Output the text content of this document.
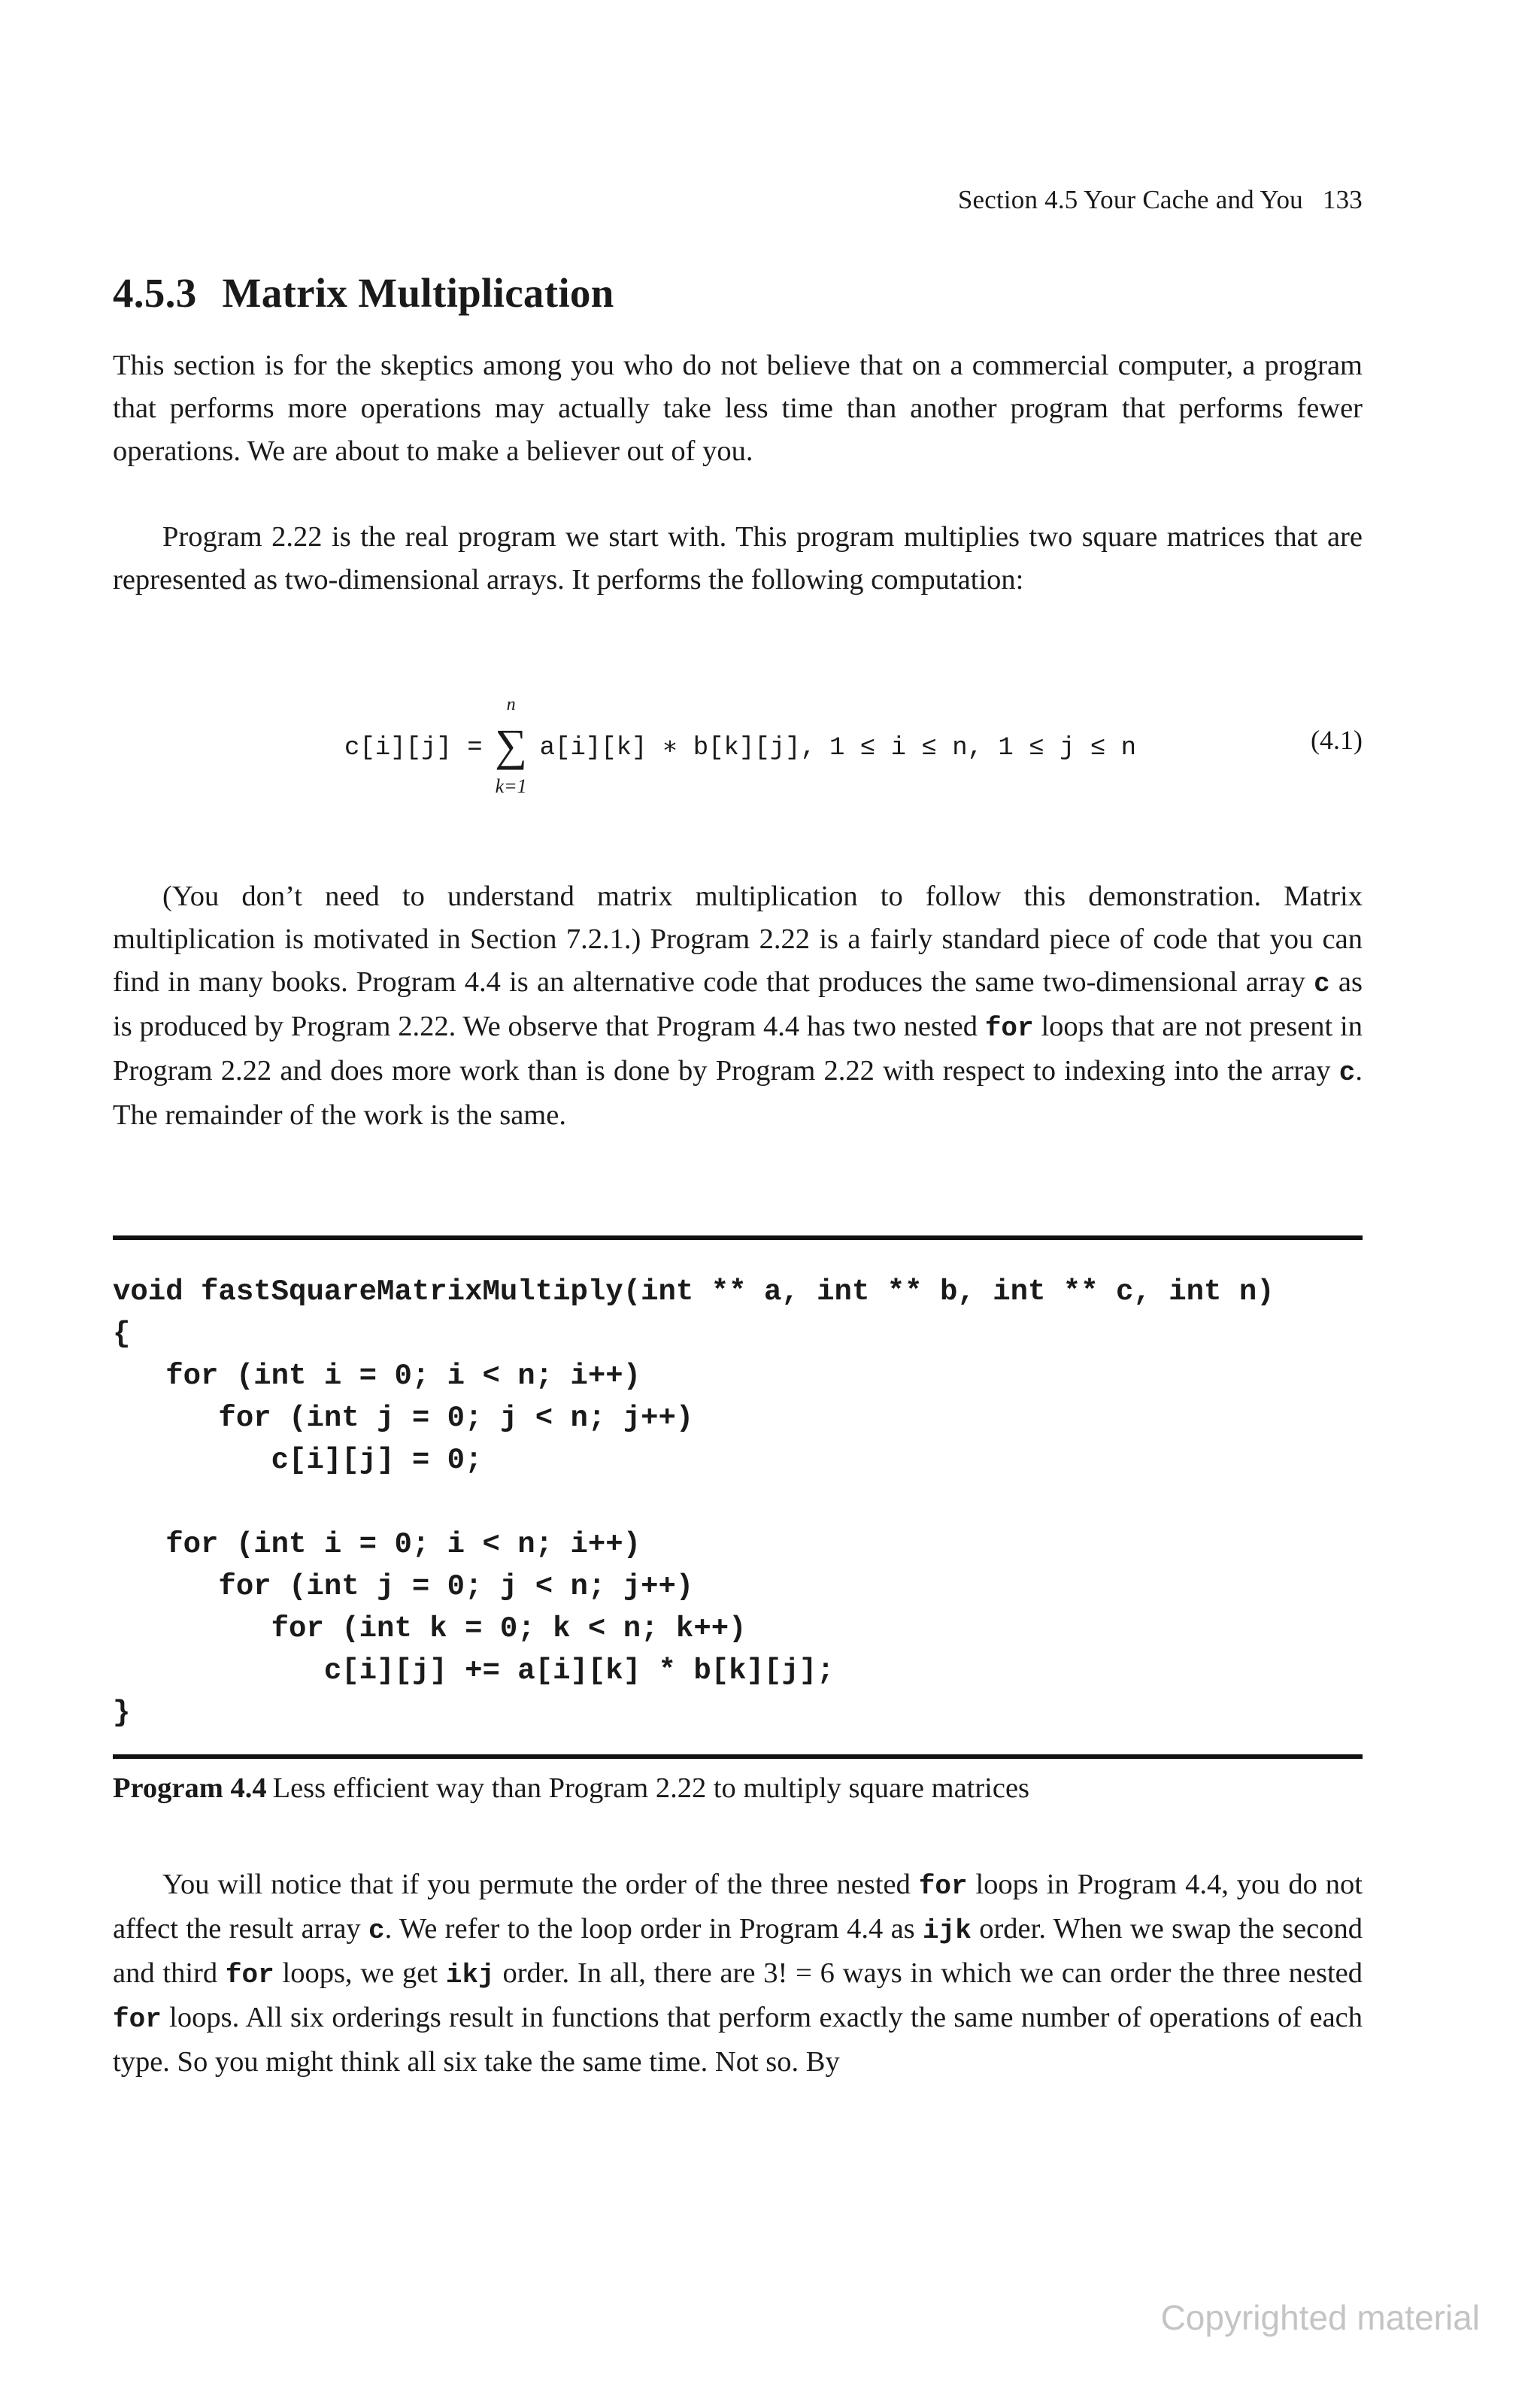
Section 4.5 Your Cache and You 133
4.5.3 Matrix Multiplication

This section is for the skeptics among you who do not believe that on a commercial computer, a program that performs more operations may actually take less time than another program that performs fewer operations. We are about to make a believer out of you.

Program 2.22 is the real program we start with. This program multiplies two square matrices that are represented as two-dimensional arrays. It performs the following computation:

c[i][j] = ∑
n
k=1
a[i][k] ∗ b[k][j], 1 ≤ i ≤ n, 1 ≤ j ≤ n	(4.1)

(You don’t need to understand matrix multiplication to follow this demonstration. Matrix multiplication is motivated in Section 7.2.1.) Program 2.22 is a fairly standard piece of code that you can find in many books. Program 4.4 is an alternative code that produces the same two-dimensional array c as is produced by Program 2.22. We observe that Program 4.4 has two nested for loops that are not present in Program 2.22 and does more work than is done by Program 2.22 with respect to indexing into the array c. The remainder of the work is the same.

void fastSquareMatrixMultiply(int ** a, int ** b, int ** c, int n)
{
for (int i = 0; i < n; i++)
for (int j = 0; j < n; j++)
c[i][j] = 0;

for (int i = 0; i < n; i++)
for (int j = 0; j < n; j++)
for (int k = 0; k < n; k++)
c[i][j] += a[i][k] * b[k][j];
}

Program 4.4 Less efficient way than Program 2.22 to multiply square matrices

You will notice that if you permute the order of the three nested for loops in Program 4.4, you do not affect the result array c. We refer to the loop order in Program 4.4 as ijk order. When we swap the second and third for loops, we get ikj order. In all, there are 3! = 6 ways in which we can order the three nested for loops. All six orderings result in functions that perform exactly the same number of operations of each type. So you might think all six take the same time. Not so. By

Copyrighted material
